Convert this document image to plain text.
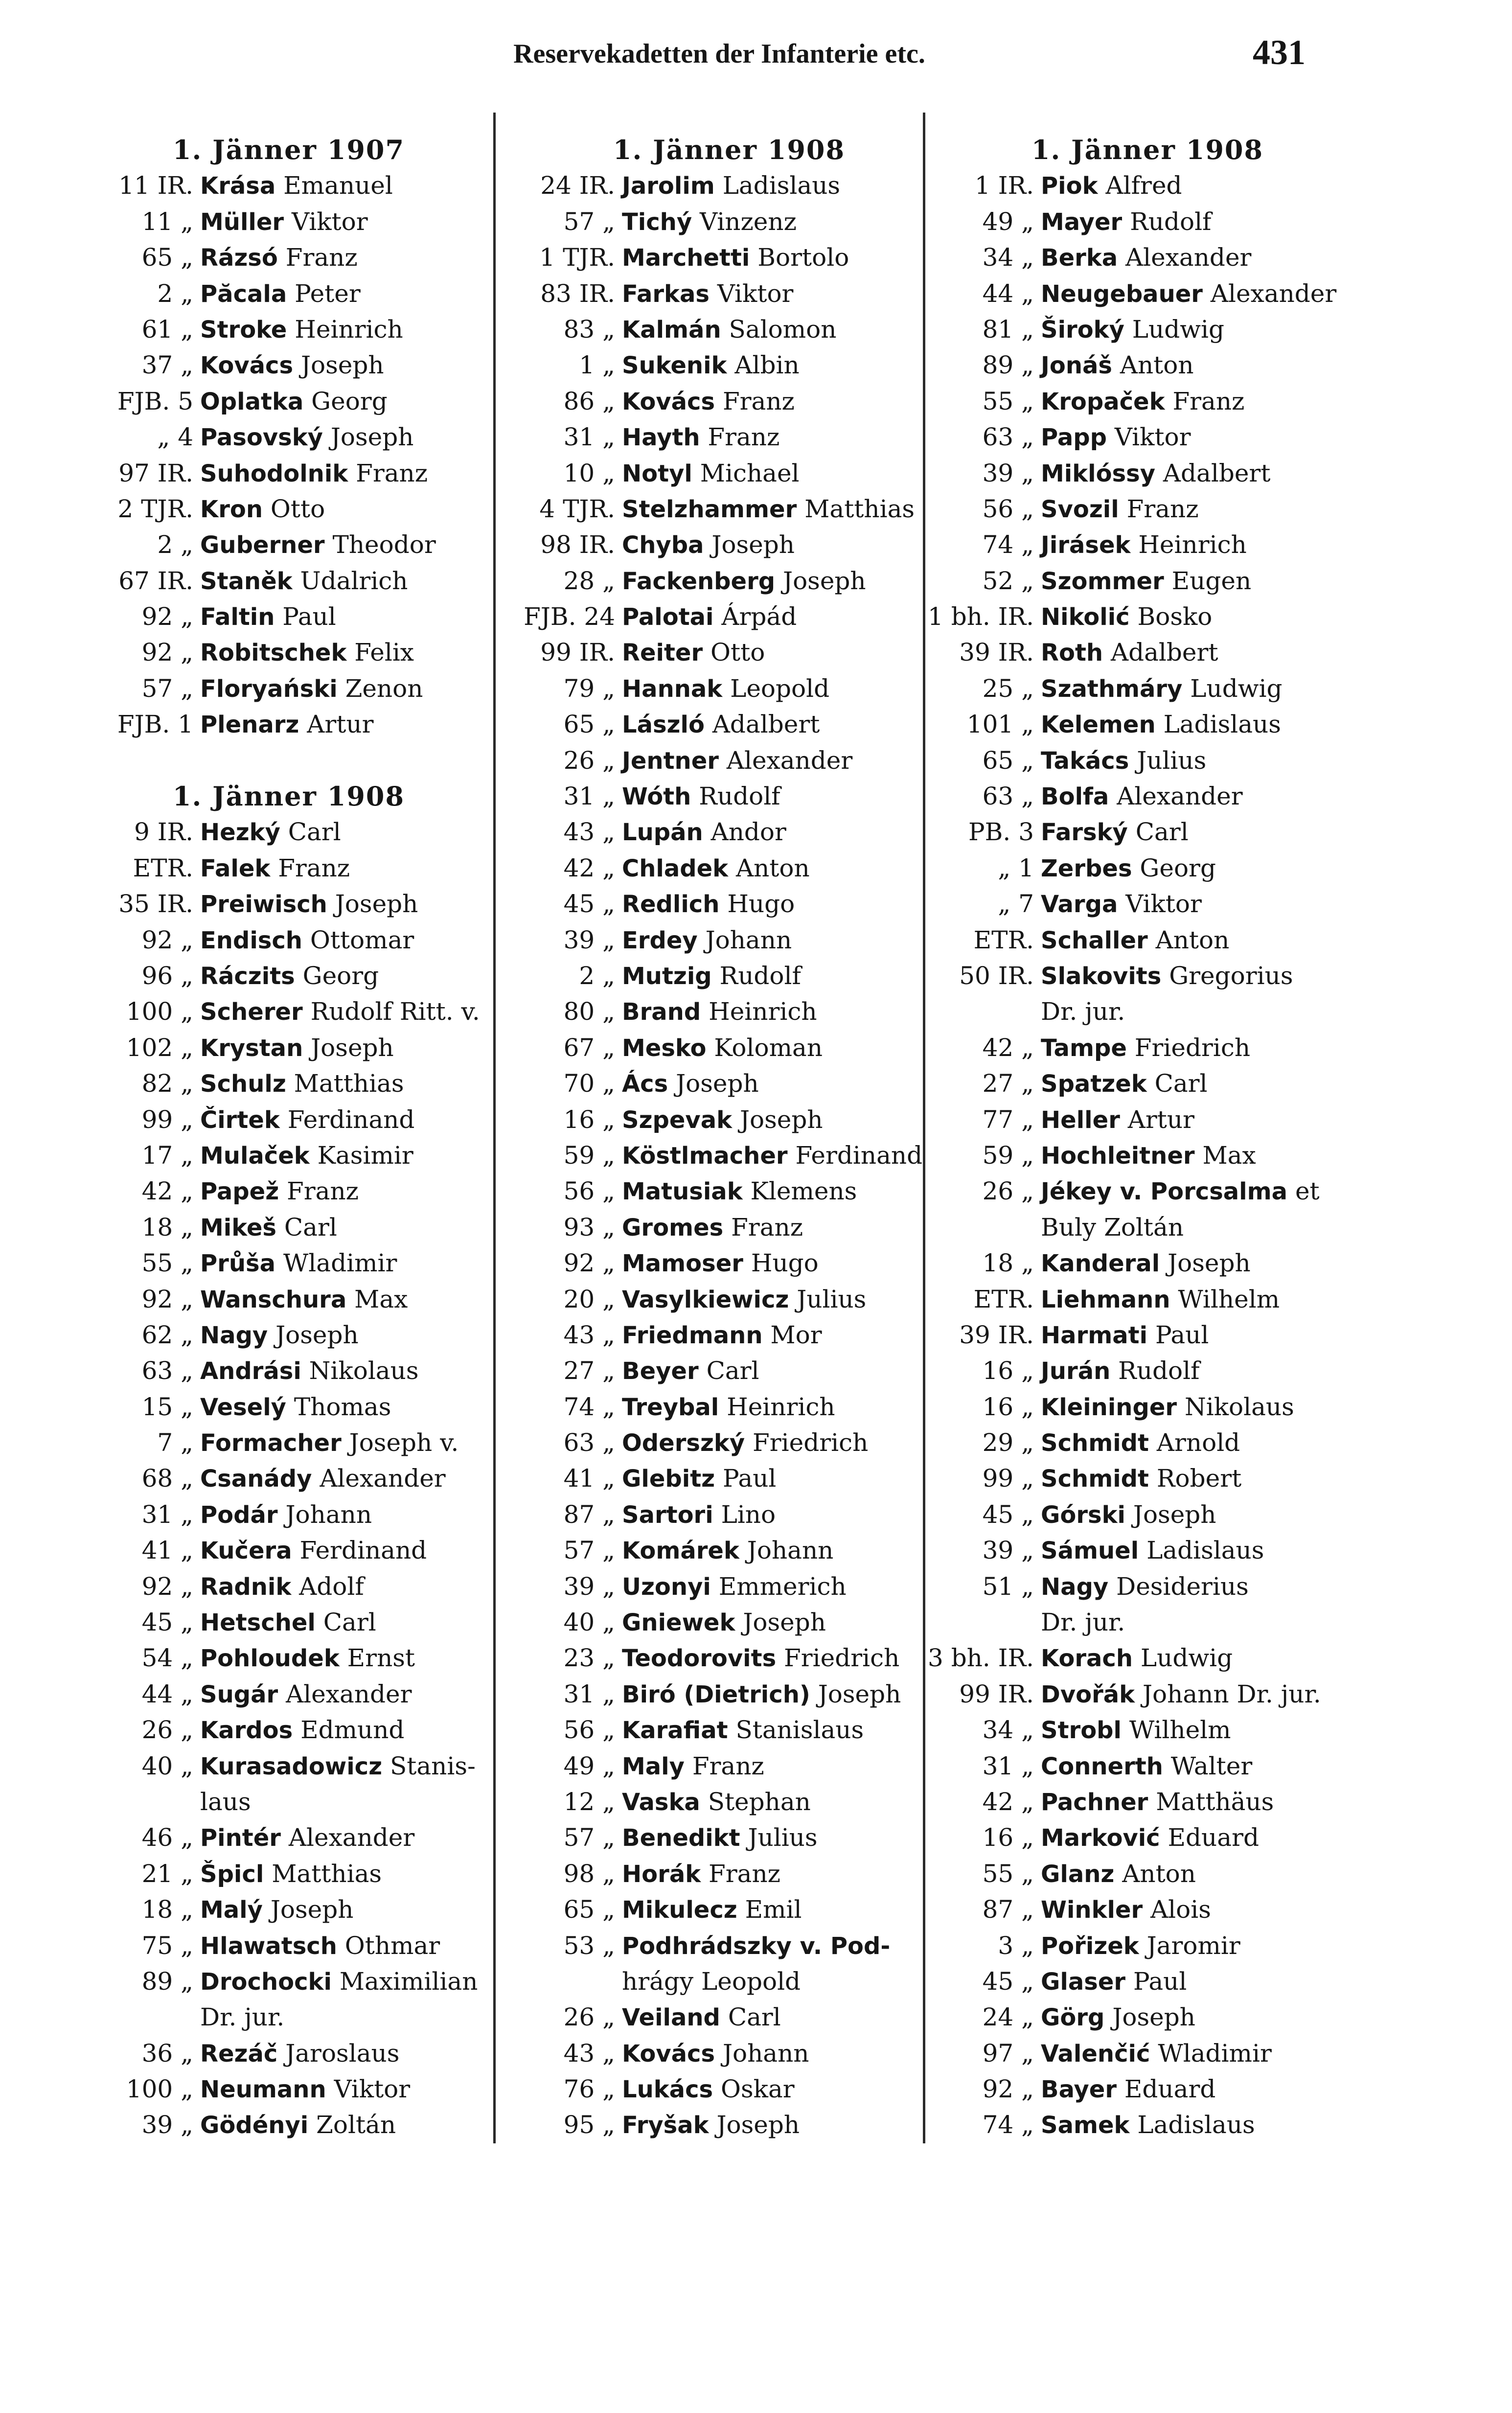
Reservekadetten der Infanterie etc.	431
1. Jänner 1907
11 IR. Krása Emanuel
11 „ Müller Viktor
65 „ Rázsó Franz
2 „ Păcala Peter
61 „ Stroke Heinrich
37 „ Kovács Joseph
FJB. 5 Oplatka Georg
„ 4 Pasovský Joseph
97 IR. Suhodolnik Franz
2 TJR. Kron Otto
2 „ Guberner Theodor
67 IR. Staněk Udalrich
92 „ Faltin Paul
92 „ Robitschek Felix
57 „ Floryański Zenon
FJB. 1 Plenarz Artur
1. Jänner 1908
9 IR. Hezký Carl
ETR. Falek Franz
35 IR. Preiwisch Joseph
92 „ Endisch Ottomar
96 „ Ráczits Georg
100 „ Scherer Rudolf Ritt. v.
102 „ Krystan Joseph
82 „ Schulz Matthias
99 „ Čirtek Ferdinand
17 „ Mulaček Kasimir
42 „ Papež Franz
18 „ Mikeš Carl
55 „ Průša Wladimir
92 „ Wanschura Max
62 „ Nagy Joseph
63 „ Andrási Nikolaus
15 „ Veselý Thomas
7 „ Formacher Joseph v.
68 „ Csanády Alexander
31 „ Podár Johann
41 „ Kučera Ferdinand
92 „ Radnik Adolf
45 „ Hetschel Carl
54 „ Pohloudek Ernst
44 „ Sugár Alexander
26 „ Kardos Edmund
40 „ Kurasadowicz Stanis-
laus
46 „ Pintér Alexander
21 „ Špicl Matthias
18 „ Malý Joseph
75 „ Hlawatsch Othmar
89 „ Drochocki Maximilian
Dr. jur.
36 „ Rezáč Jaroslaus
100 „ Neumann Viktor
39 „ Gödényi Zoltán
1. Jänner 1908
24 IR. Jarolim Ladislaus
57 „ Tichý Vinzenz
1 TJR. Marchetti Bortolo
83 IR. Farkas Viktor
83 „ Kalmán Salomon
1 „ Sukenik Albin
86 „ Kovács Franz
31 „ Hayth Franz
10 „ Notyl Michael
4 TJR. Stelzhammer Matthias
98 IR. Chyba Joseph
28 „ Fackenberg Joseph
FJB. 24 Palotai Árpád
99 IR. Reiter Otto
79 „ Hannak Leopold
65 „ László Adalbert
26 „ Jentner Alexander
31 „ Wóth Rudolf
43 „ Lupán Andor
42 „ Chladek Anton
45 „ Redlich Hugo
39 „ Erdey Johann
2 „ Mutzig Rudolf
80 „ Brand Heinrich
67 „ Mesko Koloman
70 „ Ács Joseph
16 „ Szpevak Joseph
59 „ Köstlmacher Ferdinand
56 „ Matusiak Klemens
93 „ Gromes Franz
92 „ Mamoser Hugo
20 „ Vasylkiewicz Julius
43 „ Friedmann Mor
27 „ Beyer Carl
74 „ Treybal Heinrich
63 „ Oderszký Friedrich
41 „ Glebitz Paul
87 „ Sartori Lino
57 „ Komárek Johann
39 „ Uzonyi Emmerich
40 „ Gniewek Joseph
23 „ Teodorovits Friedrich
31 „ Biró (Dietrich) Joseph
56 „ Karafiat Stanislaus
49 „ Maly Franz
12 „ Vaska Stephan
57 „ Benedikt Julius
98 „ Horák Franz
65 „ Mikulecz Emil
53 „ Podhrádszky v. Pod-
hrágy Leopold
26 „ Veiland Carl
43 „ Kovács Johann
76 „ Lukács Oskar
95 „ Fryšak Joseph
1. Jänner 1908
1 IR. Piok Alfred
49 „ Mayer Rudolf
34 „ Berka Alexander
44 „ Neugebauer Alexander
81 „ Široký Ludwig
89 „ Jonáš Anton
55 „ Kropaček Franz
63 „ Papp Viktor
39 „ Miklóssy Adalbert
56 „ Svozil Franz
74 „ Jirásek Heinrich
52 „ Szommer Eugen
1 bh. IR. Nikolić Bosko
39 IR. Roth Adalbert
25 „ Szathmáry Ludwig
101 „ Kelemen Ladislaus
65 „ Takács Julius
63 „ Bolfa Alexander
PB. 3 Farský Carl
„ 1 Zerbes Georg
„ 7 Varga Viktor
ETR. Schaller Anton
50 IR. Slakovits Gregorius
Dr. jur.
42 „ Tampe Friedrich
27 „ Spatzek Carl
77 „ Heller Artur
59 „ Hochleitner Max
26 „ Jékey v. Porcsalma et
Buly Zoltán
18 „ Kanderal Joseph
ETR. Liehmann Wilhelm
39 IR. Harmati Paul
16 „ Jurán Rudolf
16 „ Kleininger Nikolaus
29 „ Schmidt Arnold
99 „ Schmidt Robert
45 „ Górski Joseph
39 „ Sámuel Ladislaus
51 „ Nagy Desiderius
Dr. jur.
3 bh. IR. Korach Ludwig
99 IR. Dvořák Johann Dr. jur.
34 „ Strobl Wilhelm
31 „ Connerth Walter
42 „ Pachner Matthäus
16 „ Marković Eduard
55 „ Glanz Anton
87 „ Winkler Alois
3 „ Pořizek Jaromir
45 „ Glaser Paul
24 „ Görg Joseph
97 „ Valenčić Wladimir
92 „ Bayer Eduard
74 „ Samek Ladislaus
